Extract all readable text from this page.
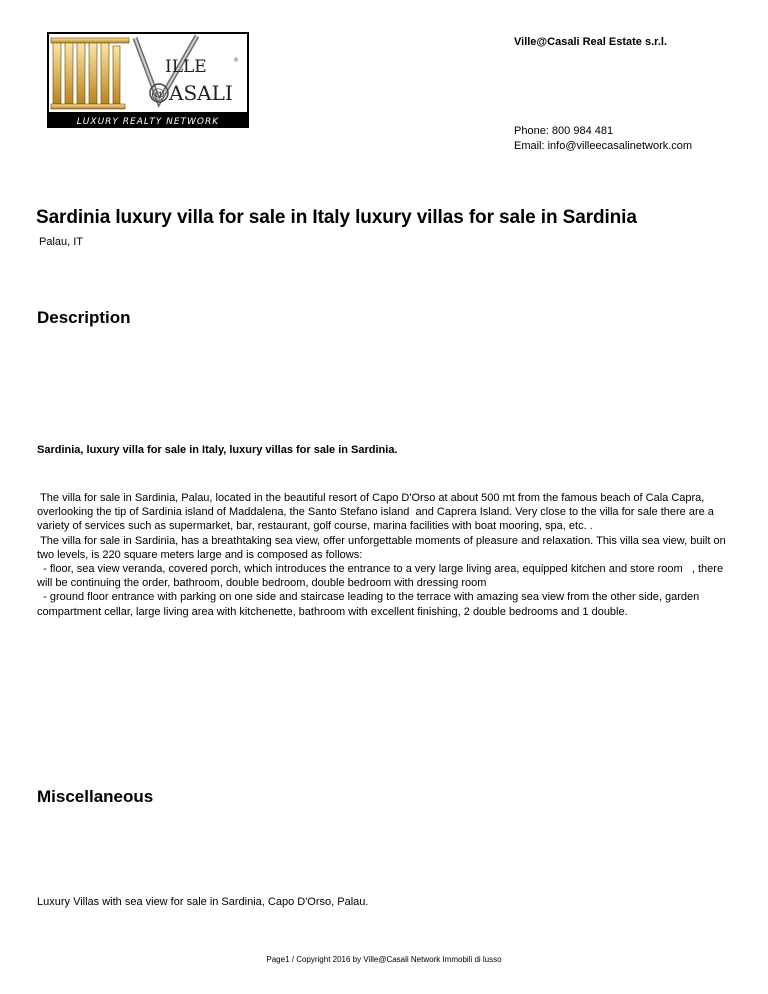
ILLE	®
@ ASALI
LUXURY REALTY NETWORK
Ville@Casali Real Estate s.r.l.
Phone: 800 984 481
Email: info@villeecasalinetwork.com
Sardinia luxury villa for sale in Italy luxury villas for sale in Sardinia
Palau, IT
Description
Sardinia, luxury villa for sale in Italy, luxury villas for sale in Sardinia.

The villa for sale in Sardinia, Palau, located in the beautiful resort of Capo D'Orso at about 500 mt from the famous beach of Cala Capra, overlooking the tip of Sardinia island of Maddalena, the Santo Stefano island  and Caprera Island. Very close to the villa for sale there are a variety of services such as supermarket, bar, restaurant, golf course, marina facilities with boat mooring, spa, etc. .

The villa for sale in Sardinia, has a breathtaking sea view, offer unforgettable moments of pleasure and relaxation. This villa sea view, built on two levels, is 220 square meters large and is composed as follows:

- floor, sea view veranda, covered porch, which introduces the entrance to a very large living area, equipped kitchen and store room   , there will be continuing the order, bathroom, double bedroom, double bedroom with dressing room

- ground floor entrance with parking on one side and staircase leading to the terrace with amazing sea view from the other side, garden   compartment cellar, large living area with kitchenette, bathroom with excellent finishing, 2 double bedrooms and 1 double.

Miscellaneous
Luxury Villas with sea view for sale in Sardinia, Capo D'Orso, Palau.
Page1 / Copyright 2016 by Ville@Casali Network Immobili di lusso
